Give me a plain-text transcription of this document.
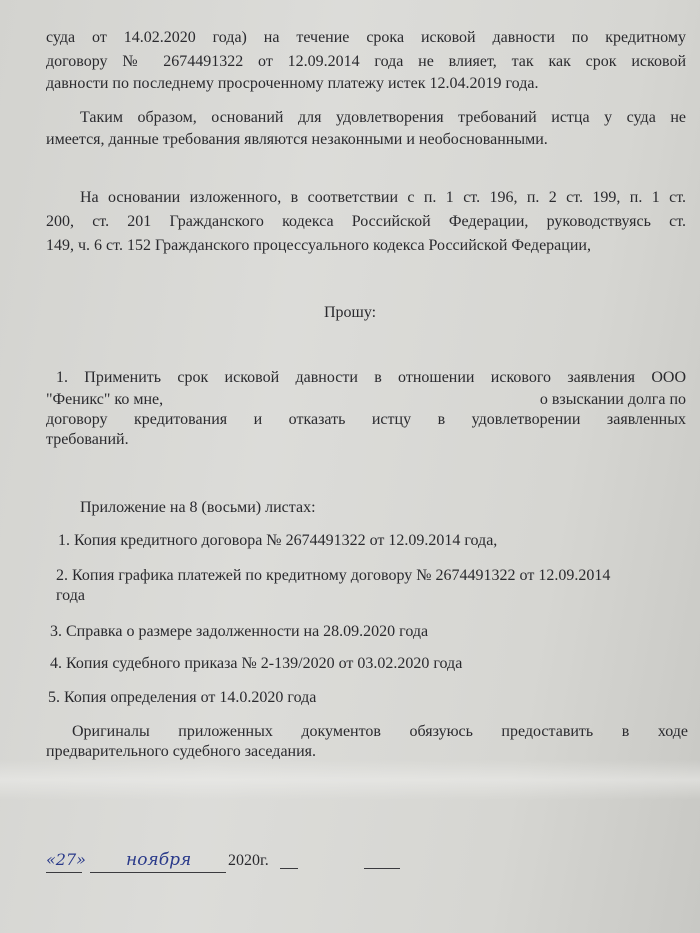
суда от 14.02.2020 года) на течение срока исковой давности по кредитному
договору № 2674491322 от 12.09.2014 года не влияет, так как срок исковой
давности по последнему просроченному платежу истек 12.04.2019 года.
Таким образом, оснований для удовлетворения требований истца у суда не
имеется, данные требования являются незаконными и необоснованными.
На основании изложенного, в соответствии с п. 1 ст. 196, п. 2 ст. 199, п. 1 ст.
200, ст. 201 Гражданского кодекса Российской Федерации, руководствуясь ст.
149, ч. 6 ст. 152 Гражданского процессуального кодекса Российской Федерации,
Прошу:
1. Применить срок исковой давности в отношении искового заявления ООО
"Феникс" ко мне,	о взыскании долга по
договору кредитования и отказать истцу в удовлетворении заявленных
требований.
Приложение на 8 (восьми) листах:
1. Копия кредитного договора № 2674491322 от 12.09.2014 года,
2. Копия графика платежей по кредитному договору № 2674491322 от 12.09.2014
года
3. Справка о размере задолженности на 28.09.2020 года
4. Копия судебного приказа № 2-139/2020 от 03.02.2020 года
5. Копия определения от 14.0.2020 года
Оригиналы приложенных документов обязуюсь предоставить в ходе
предварительного судебного заседания.
«27» ноября 2020г.
